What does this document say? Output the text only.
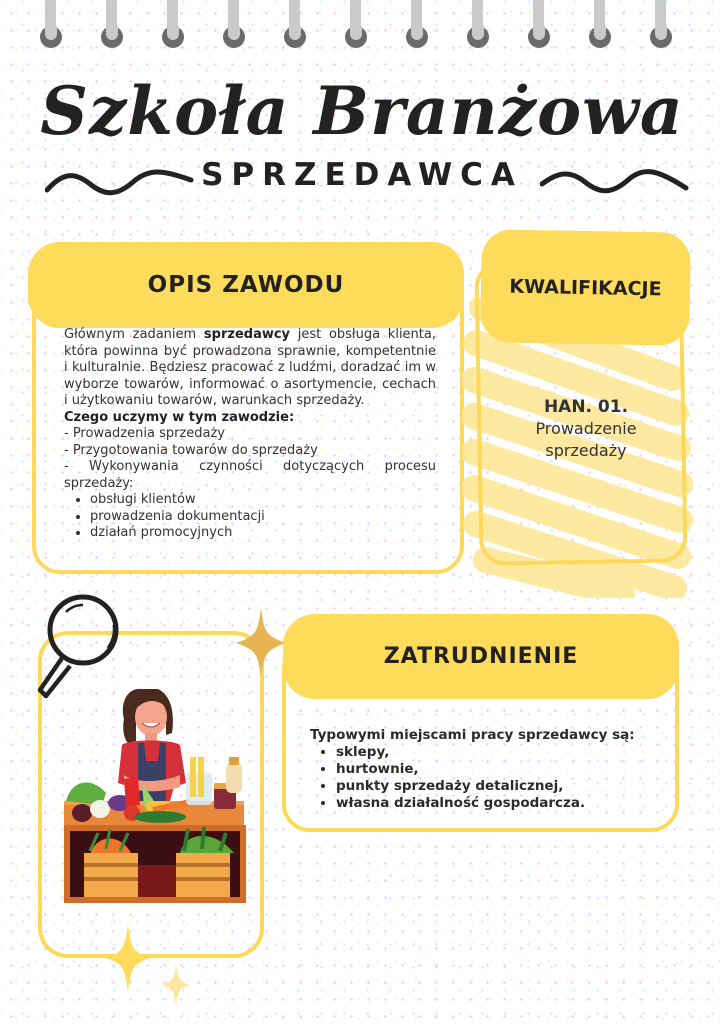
Szkoła Branżowa
SPRZEDAWCA
OPIS ZAWODU

Głównym zadaniem sprzedawcy jest obsługa klienta, która powinna być prowadzona sprawnie, kompetentnie i kulturalnie. Będziesz pracować z ludźmi, doradzać im w wyborze towarów, informować o asortymencie, cechach i użytkowaniu towarów, warunkach sprzedaży.

Czego uczymy w tym zawodzie:

- Prowadzenia sprzedaży

- Przygotowania towarów do sprzedaży

- Wykonywania czynności dotyczących procesu sprzedaży:

• obsługi klientów
• prowadzenia dokumentacji
• działań promocyjnych
KWALIFIKACJE
HAN. 01.
Prowadzenie
sprzedaży
ZATRUDNIENIE

Typowymi miejscami pracy sprzedawcy są:

• sklepy,
• hurtownie,
• punkty sprzedaży detalicznej,
• własna działalność gospodarcza.
